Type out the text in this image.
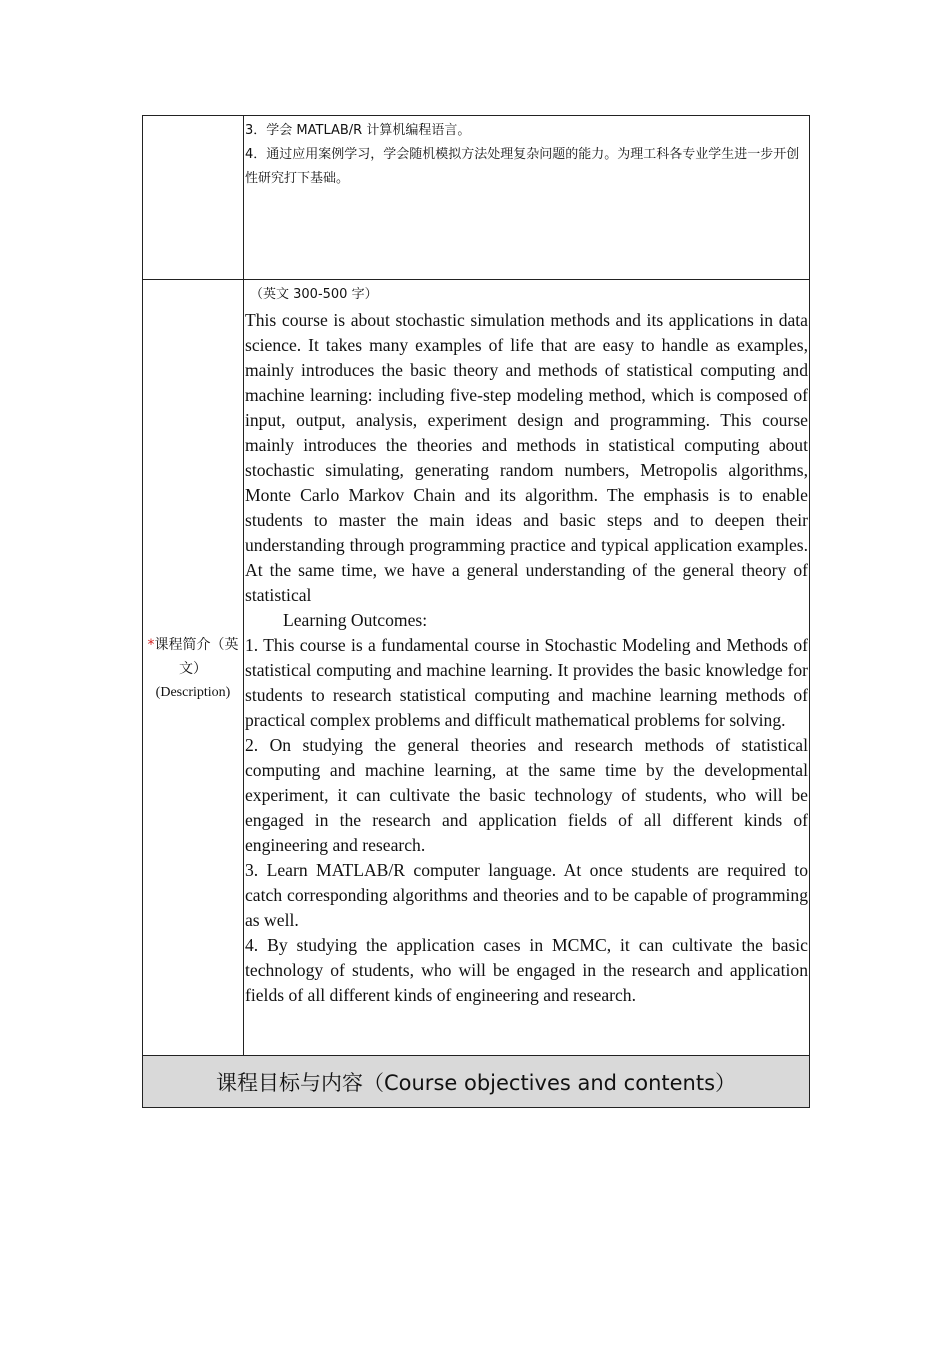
3．学会 MATLAB/R 计算机编程语言。

4．通过应用案例学习，学会随机模拟方法处理复杂问题的能力。为理工科各专业学生进一步开创性研究打下基础。

*课程简介（英
文）
(Description)
（英文 300-500 字）

This course is about stochastic simulation methods and its applications in data science. It takes many examples of life that are easy to handle as examples, mainly introduces the basic theory and methods of statistical computing and machine learning: including five-step modeling method, which is composed of input, output, analysis, experiment design and programming. This course mainly introduces the theories and methods in statistical computing about stochastic simulating, generating random numbers, Metropolis algorithms, Monte Carlo Markov Chain and its algorithm. The emphasis is to enable students to master the main ideas and basic steps and to deepen their understanding through programming practice and typical application examples. At the same time, we have a general understanding of the general theory of statistical

Learning Outcomes:

1. This course is a fundamental course in Stochastic Modeling and Methods of statistical computing and machine learning. It provides the basic knowledge for students to research statistical computing and machine learning methods of practical complex problems and difficult mathematical problems for solving.

2. On studying the general theories and research methods of statistical computing and machine learning, at the same time by the developmental experiment, it can cultivate the basic technology of students, who will be engaged in the research and application fields of all different kinds of engineering and research.

3. Learn MATLAB/R computer language. At once students are required to catch corresponding algorithms and theories and to be capable of programming as well.

4. By studying the application cases in MCMC, it can cultivate the basic technology of students, who will be engaged in the research and application fields of all different kinds of engineering and research.

课程目标与内容（Course objectives and contents）
